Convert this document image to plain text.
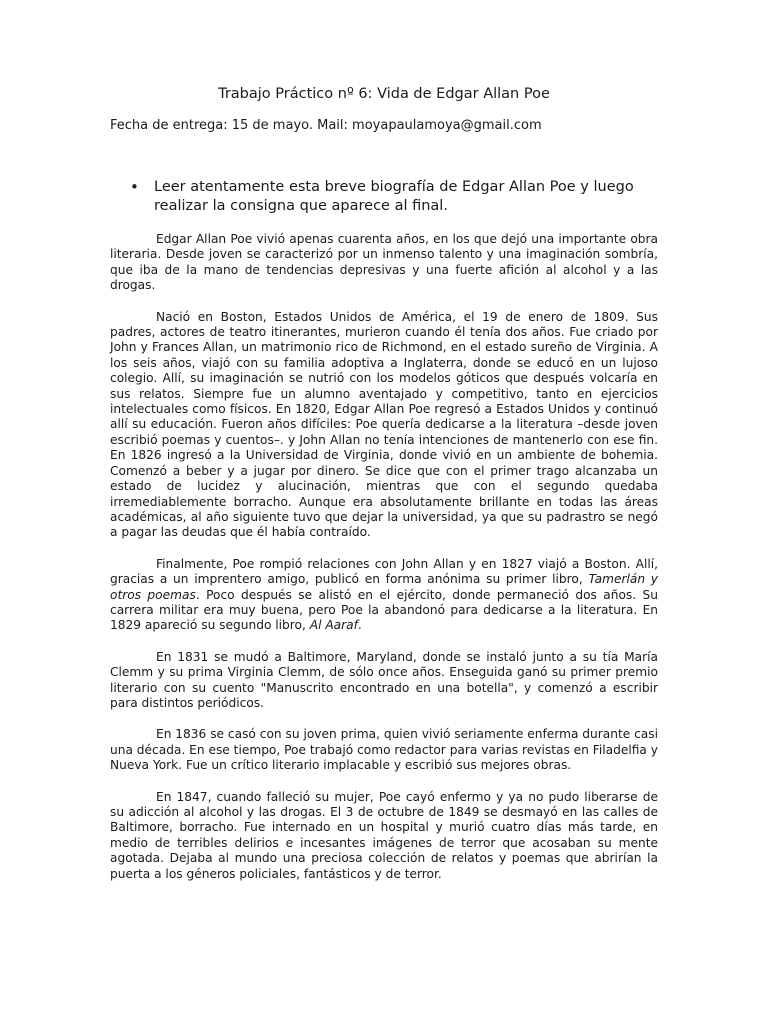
Trabajo Práctico nº 6: Vida de Edgar Allan Poe
Fecha de entrega: 15 de mayo. Mail: moyapaulamoya@gmail.com
•	Leer atentamente esta breve biografía de Edgar Allan Poe y luego realizar la consigna que aparece al final.

Edgar Allan Poe vivió apenas cuarenta años, en los que dejó una importante obra literaria. Desde joven se caracterizó por un inmenso talento y una imaginación sombría, que iba de la mano de tendencias depresivas y una fuerte afición al alcohol y a las drogas.

Nació en Boston, Estados Unidos de América, el 19 de enero de 1809. Sus padres, actores de teatro itinerantes, murieron cuando él tenía dos años. Fue criado por John y Frances Allan, un matrimonio rico de Richmond, en el estado sureño de Virginia. A los seis años, viajó con su familia adoptiva a Inglaterra, donde se educó en un lujoso colegio. Allí, su imaginación se nutrió con los modelos góticos que después volcaría en sus relatos. Siempre fue un alumno aventajado y competitivo, tanto en ejercicios intelectuales como físicos. En 1820, Edgar Allan Poe regresó a Estados Unidos y continuó allí su educación. Fueron años difíciles: Poe quería dedicarse a la literatura –desde joven escribió poemas y cuentos–. y John Allan no tenía intenciones de mantenerlo con ese fin. En 1826 ingresó a la Universidad de Virginia, donde vivió en un ambiente de bohemia. Comenzó a beber y a jugar por dinero. Se dice que con el primer trago alcanzaba un estado de lucidez y alucinación, mientras que con el segundo quedaba irremediablemente borracho. Aunque era absolutamente brillante en todas las áreas académicas, al año siguiente tuvo que dejar la universidad, ya que su padrastro se negó a pagar las deudas que él había contraído.

Finalmente, Poe rompió relaciones con John Allan y en 1827 viajó a Boston. Allí, gracias a un imprentero amigo, publicó en forma anónima su primer libro, Tamerlán y otros poemas. Poco después se alistó en el ejército, donde permaneció dos años. Su carrera militar era muy buena, pero Poe la abandonó para dedicarse a la literatura. En 1829 apareció su segundo libro, Al Aaraf.

En 1831 se mudó a Baltimore, Maryland, donde se instaló junto a su tía María Clemm y su prima Virginia Clemm, de sólo once años. Enseguida ganó su primer premio literario con su cuento "Manuscrito encontrado en una botella", y comenzó a escribir para distintos periódicos.

En 1836 se casó con su joven prima, quien vivió seriamente enferma durante casi una década. En ese tiempo, Poe trabajó como redactor para varias revistas en Filadelfia y Nueva York. Fue un crítico literario implacable y escribió sus mejores obras.

En 1847, cuando falleció su mujer, Poe cayó enfermo y ya no pudo liberarse de su adicción al alcohol y las drogas. El 3 de octubre de 1849 se desmayó en las calles de Baltimore, borracho. Fue internado en un hospital y murió cuatro días más tarde, en medio de terribles delirios e incesantes imágenes de terror que acosaban su mente agotada. Dejaba al mundo una preciosa colección de relatos y poemas que abrirían la puerta a los géneros policiales, fantásticos y de terror.
